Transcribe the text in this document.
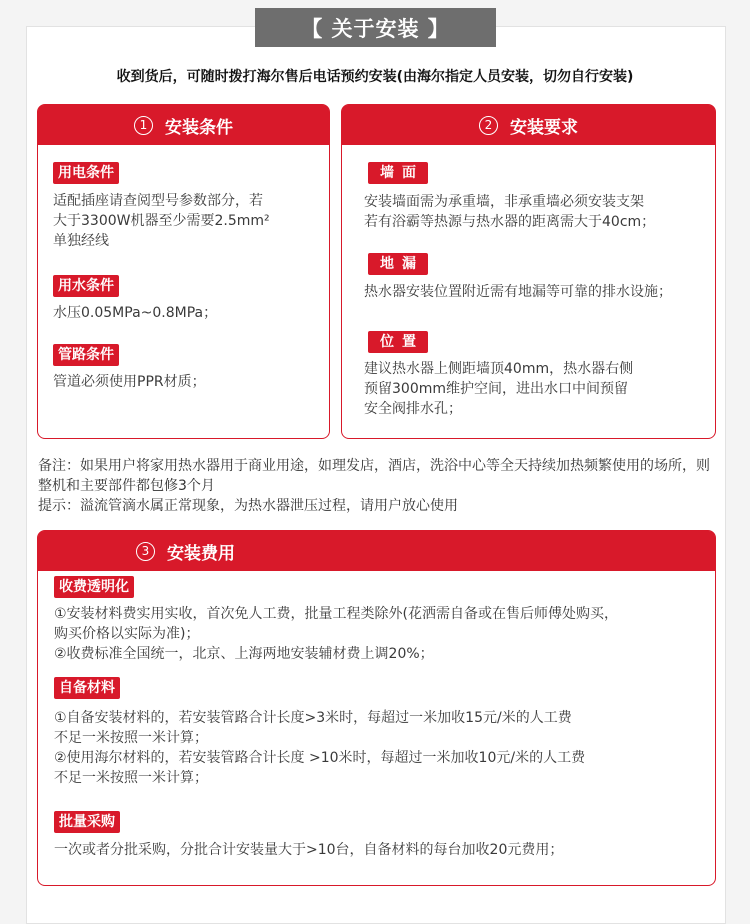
【 关于安装 】
收到货后，可随时拨打海尔售后电话预约安装(由海尔指定人员安装，切勿自行安装)
1	安装条件
用电条件
适配插座请查阅型号参数部分，若
大于3300W机器至少需要2.5mm²
单独经线
用水条件
水压0.05MPa~0.8MPa；
管路条件
管道必须使用PPR材质；
2	安装要求
墙面
安装墙面需为承重墙，非承重墙必须安装支架
若有浴霸等热源与热水器的距离需大于40cm；
地漏
热水器安装位置附近需有地漏等可靠的排水设施；
位置
建议热水器上侧距墙顶40mm，热水器右侧
预留300mm维护空间，进出水口中间预留
安全阀排水孔；
备注：如果用户将家用热水器用于商业用途，如理发店，酒店，洗浴中心等全天持续加热频繁使用的场所，则整机和主要部件都包修3个月
提示：溢流管滴水属正常现象，为热水器泄压过程，请用户放心使用
3	安装费用
收费透明化
①安装材料费实用实收，首次免人工费，批量工程类除外(花洒需自备或在售后师傅处购买，
购买价格以实际为准)；
②收费标准全国统一，北京、上海两地安装辅材费上调20%；
自备材料
①自备安装材料的，若安装管路合计长度>3米时，每超过一米加收15元/米的人工费
不足一米按照一米计算；
②使用海尔材料的，若安装管路合计长度 >10米时，每超过一米加收10元/米的人工费
不足一米按照一米计算；
批量采购
一次或者分批采购，分批合计安装量大于>10台，自备材料的每台加收20元费用；
